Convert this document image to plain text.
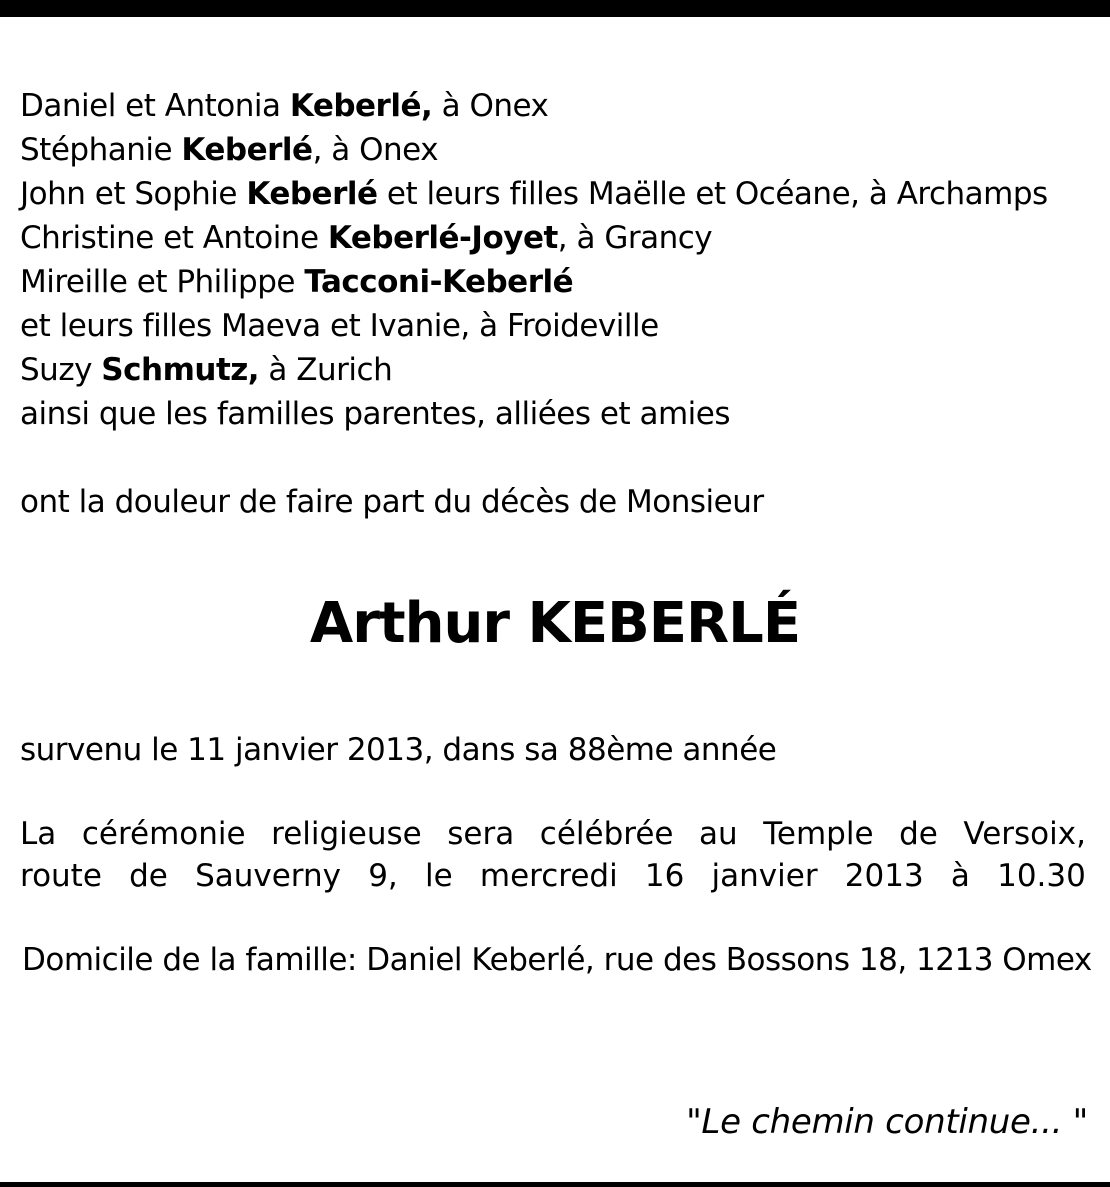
Daniel et Antonia Keberlé, à Onex
Stéphanie Keberlé, à Onex
John et Sophie Keberlé et leurs filles Maëlle et Océane, à Archamps
Christine et Antoine Keberlé-Joyet, à Grancy
Mireille et Philippe Tacconi-Keberlé
et leurs filles Maeva et Ivanie, à Froideville
Suzy Schmutz, à Zurich
ainsi que les familles parentes, alliées et amies
ont la douleur de faire part du décès de Monsieur
Arthur KEBERLÉ
survenu le 11 janvier 2013, dans sa 88ème année
La cérémonie religieuse sera célébrée au Temple de Versoix,
route de Sauverny 9, le mercredi 16 janvier 2013 à 10.30
Domicile de la famille: Daniel Keberlé, rue des Bossons 18, 1213 Omex
"Le chemin continue... "
